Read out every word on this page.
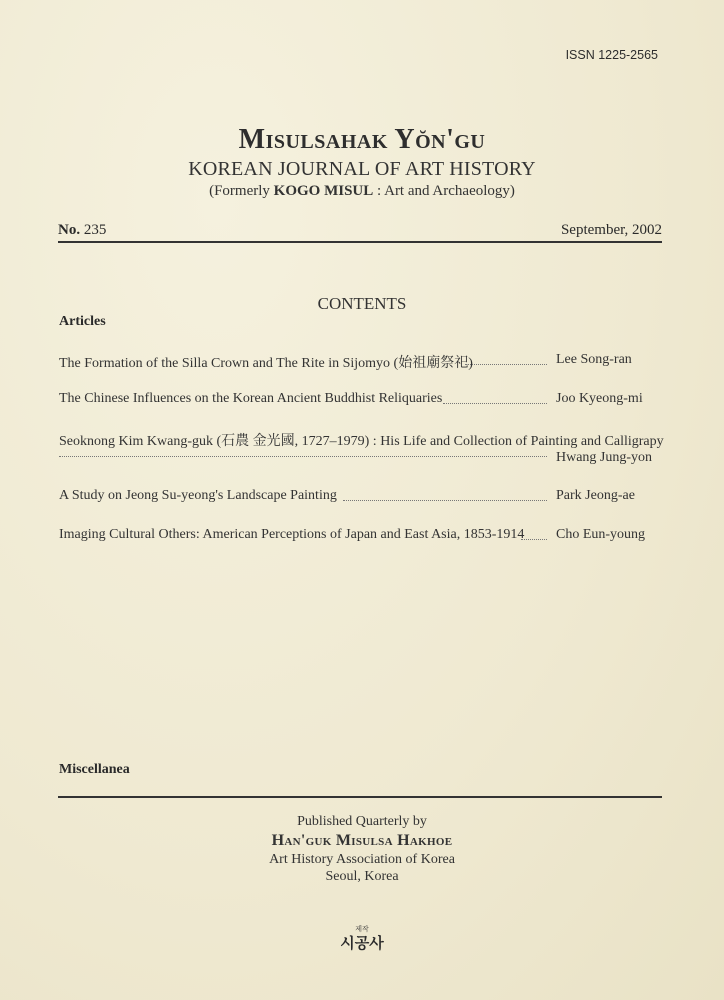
ISSN 1225-2565
Misulsahak Yŏn'gu
KOREAN JOURNAL OF ART HISTORY
(Formerly KOGO MISUL : Art and Archaeology)
No. 235	September, 2002
CONTENTS
Articles
The Formation of the Silla Crown and The Rite in Sijomyo (始祖廟祭祀)	Lee Song-ran
The Chinese Influences on the Korean Ancient Buddhist Reliquaries	Joo Kyeong-mi
Seoknong Kim Kwang-guk (石農 金光國, 1727–1979) : His Life and Collection of Painting and Calligrapy
Hwang Jung-yon
A Study on Jeong Su-yeong's Landscape Painting	Park Jeong-ae
Imaging Cultural Others: American Perceptions of Japan and East Asia, 1853-1914 Cho Eun-young
Miscellanea
Published Quarterly by
Han'guk Misulsa Hakhoe
Art History Association of Korea
Seoul, Korea
제작
시공사
